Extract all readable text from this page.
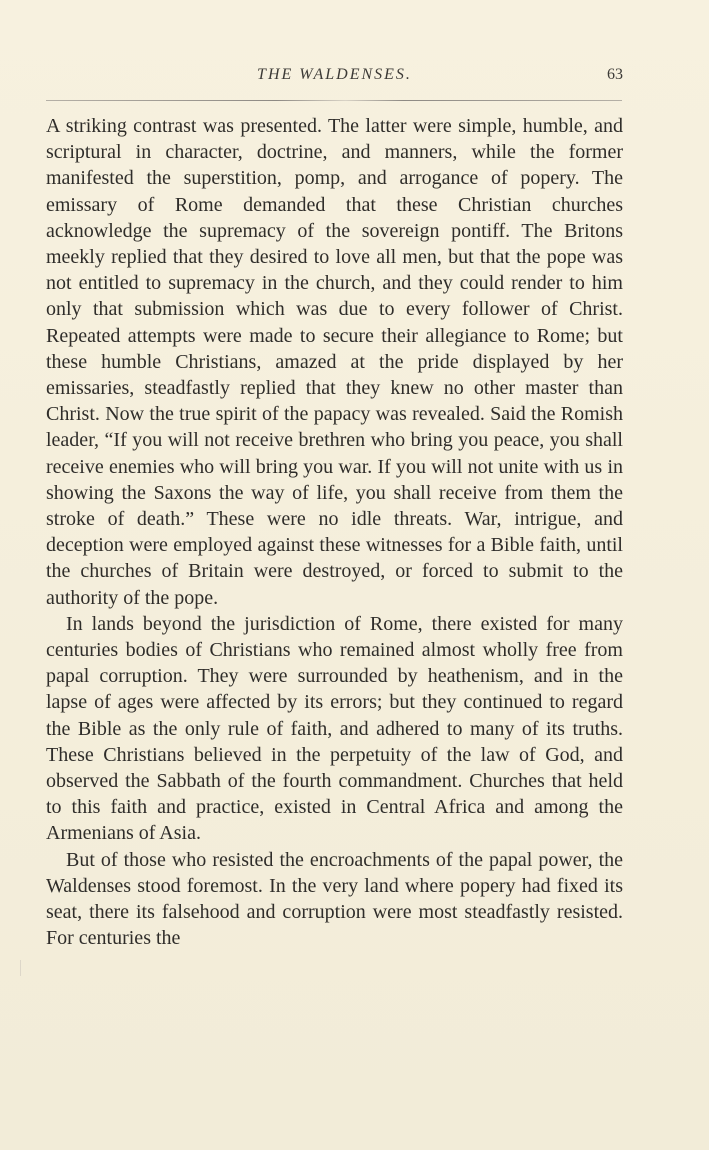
THE WALDENSES.	63

A striking contrast was presented. The latter were simple, humble, and scriptural in character, doctrine, and manners, while the former manifested the superstition, pomp, and arrogance of popery. The emissary of Rome demanded that these Christian churches acknowledge the supremacy of the sovereign pontiff. The Britons meekly replied that they desired to love all men, but that the pope was not entitled to supremacy in the church, and they could render to him only that submission which was due to every follower of Christ. Repeated attempts were made to secure their allegiance to Rome; but these humble Christians, amazed at the pride displayed by her emissaries, steadfastly replied that they knew no other master than Christ. Now the true spirit of the papacy was revealed. Said the Romish leader, “If you will not receive brethren who bring you peace, you shall receive enemies who will bring you war. If you will not unite with us in showing the Saxons the way of life, you shall receive from them the stroke of death.” These were no idle threats. War, intrigue, and deception were employed against these witnesses for a Bible faith, until the churches of Britain were destroyed, or forced to submit to the authority of the pope.

In lands beyond the jurisdiction of Rome, there existed for many centuries bodies of Christians who remained almost wholly free from papal corruption. They were surrounded by heathenism, and in the lapse of ages were affected by its errors; but they continued to regard the Bible as the only rule of faith, and adhered to many of its truths. These Christians believed in the perpetuity of the law of God, and observed the Sabbath of the fourth commandment. Churches that held to this faith and practice, existed in Central Africa and among the Armenians of Asia.

But of those who resisted the encroachments of the papal power, the Waldenses stood foremost. In the very land where popery had fixed its seat, there its falsehood and corruption were most steadfastly resisted. For centuries the
